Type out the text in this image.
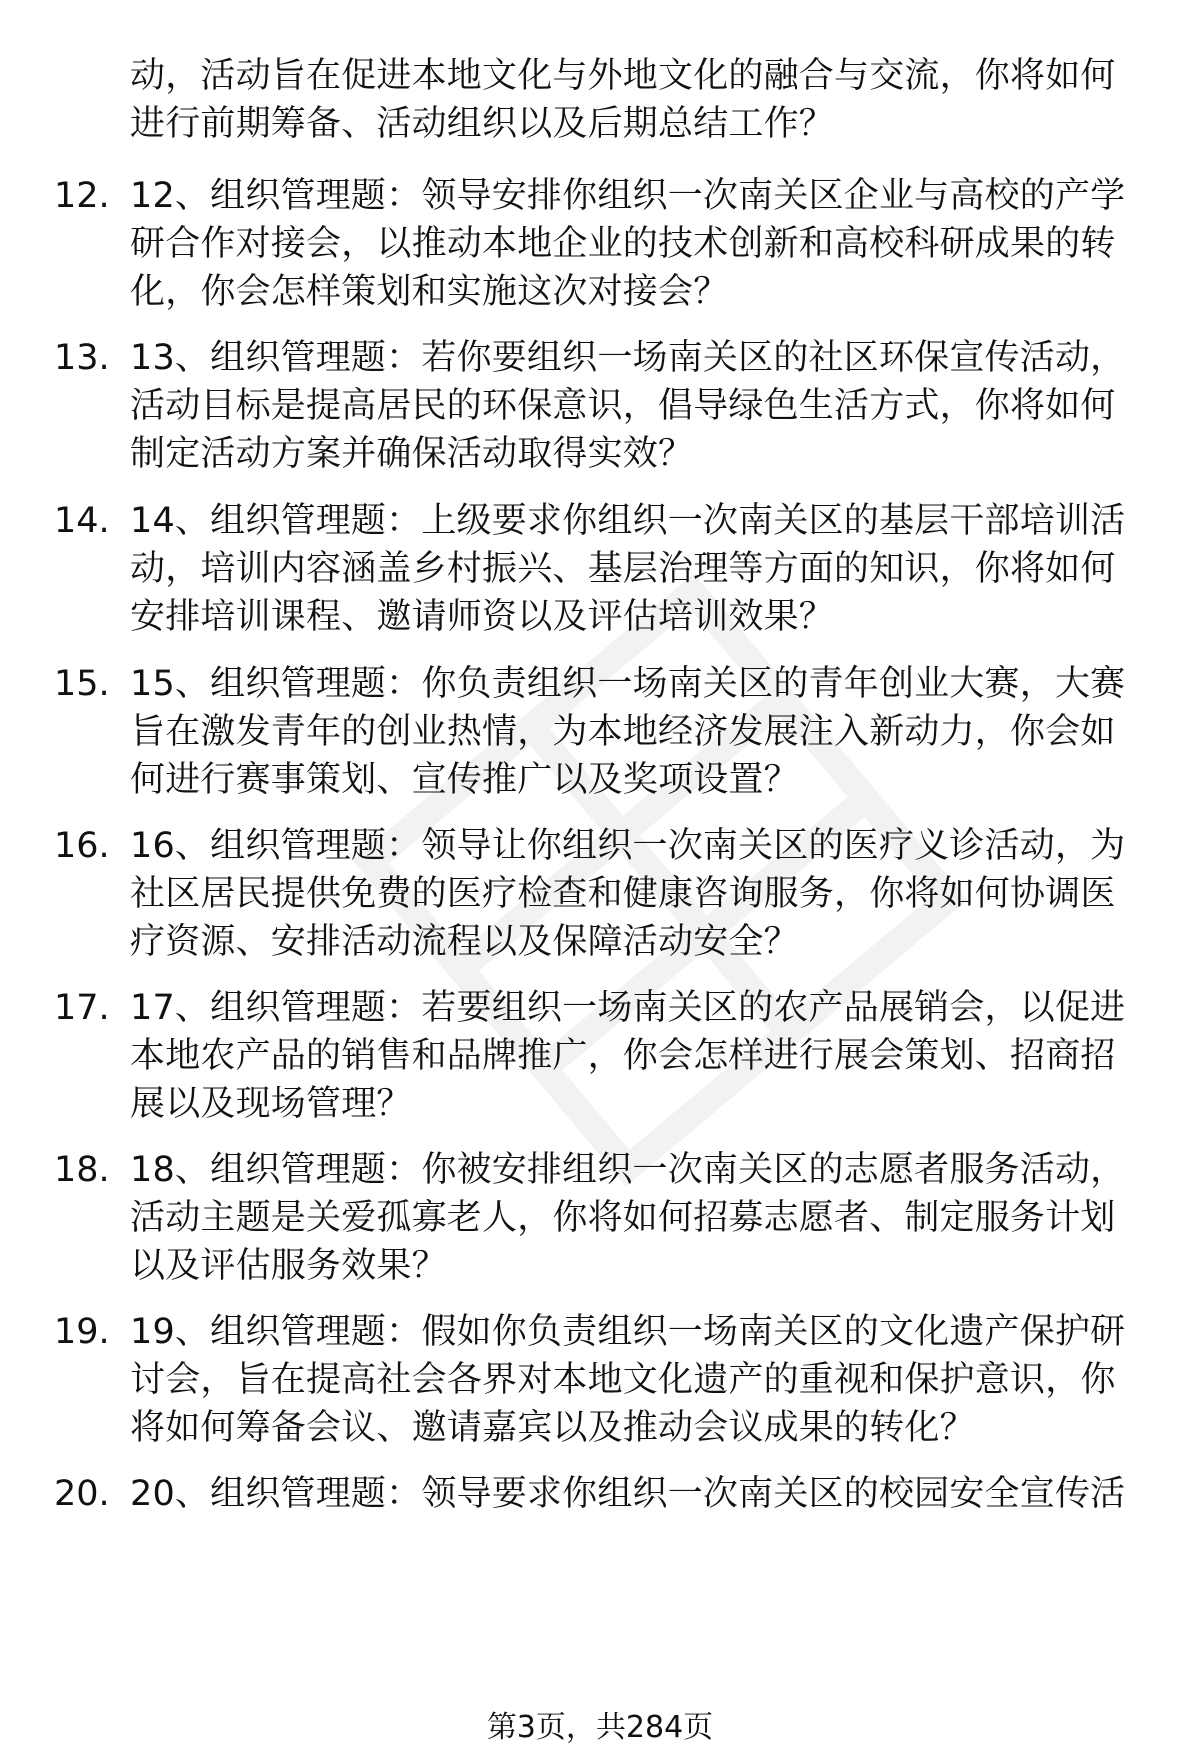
动，活动旨在促进本地文化与外地文化的融合与交流，你将如何
进行前期筹备、活动组织以及后期总结工作？
12. 12、组织管理题：领导安排你组织一次南关区企业与高校的产学
研合作对接会，以推动本地企业的技术创新和高校科研成果的转
化，你会怎样策划和实施这次对接会？
13. 13、组织管理题：若你要组织一场南关区的社区环保宣传活动，
活动目标是提高居民的环保意识，倡导绿色生活方式，你将如何
制定活动方案并确保活动取得实效？
14. 14、组织管理题：上级要求你组织一次南关区的基层干部培训活
动，培训内容涵盖乡村振兴、基层治理等方面的知识，你将如何
安排培训课程、邀请师资以及评估培训效果？
15. 15、组织管理题：你负责组织一场南关区的青年创业大赛，大赛
旨在激发青年的创业热情，为本地经济发展注入新动力，你会如
何进行赛事策划、宣传推广以及奖项设置？
16. 16、组织管理题：领导让你组织一次南关区的医疗义诊活动，为
社区居民提供免费的医疗检查和健康咨询服务，你将如何协调医
疗资源、安排活动流程以及保障活动安全？
17. 17、组织管理题：若要组织一场南关区的农产品展销会，以促进
本地农产品的销售和品牌推广，你会怎样进行展会策划、招商招
展以及现场管理？
18. 18、组织管理题：你被安排组织一次南关区的志愿者服务活动，
活动主题是关爱孤寡老人，你将如何招募志愿者、制定服务计划
以及评估服务效果？
19. 19、组织管理题：假如你负责组织一场南关区的文化遗产保护研
讨会，旨在提高社会各界对本地文化遗产的重视和保护意识，你
将如何筹备会议、邀请嘉宾以及推动会议成果的转化？
20. 20、组织管理题：领导要求你组织一次南关区的校园安全宣传活
第3页，共284页
